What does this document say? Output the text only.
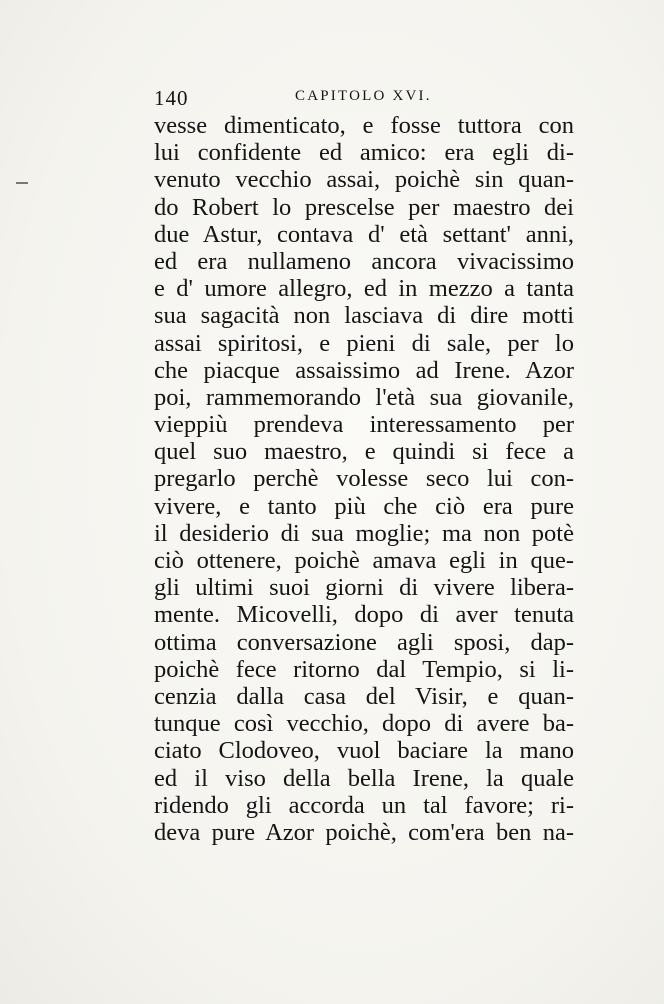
140	CAPITOLO XVI.
vesse dimenticato, e fosse tuttora con
lui confidente ed amico: era egli di-
venuto vecchio assai, poichè sin quan-
do Robert lo prescelse per maestro dei
due Astur, contava d' età settant' anni,
ed era nullameno ancora vivacissimo
e d' umore allegro, ed in mezzo a tanta
sua sagacità non lasciava di dire motti
assai spiritosi, e pieni di sale, per lo
che piacque assaissimo ad Irene. Azor
poi, rammemorando l'età sua giovanile,
vieppiù prendeva interessamento per
quel suo maestro, e quindi si fece a
pregarlo perchè volesse seco lui con-
vivere, e tanto più che ciò era pure
il desiderio di sua moglie; ma non potè
ciò ottenere, poichè amava egli in que-
gli ultimi suoi giorni di vivere libera-
mente. Micovelli, dopo di aver tenuta
ottima conversazione agli sposi, dap-
poichè fece ritorno dal Tempio, si li-
cenzia dalla casa del Visir, e quan-
tunque così vecchio, dopo di avere ba-
ciato Clodoveo, vuol baciare la mano
ed il viso della bella Irene, la quale
ridendo gli accorda un tal favore; ri-
deva pure Azor poichè, com'era ben na-
